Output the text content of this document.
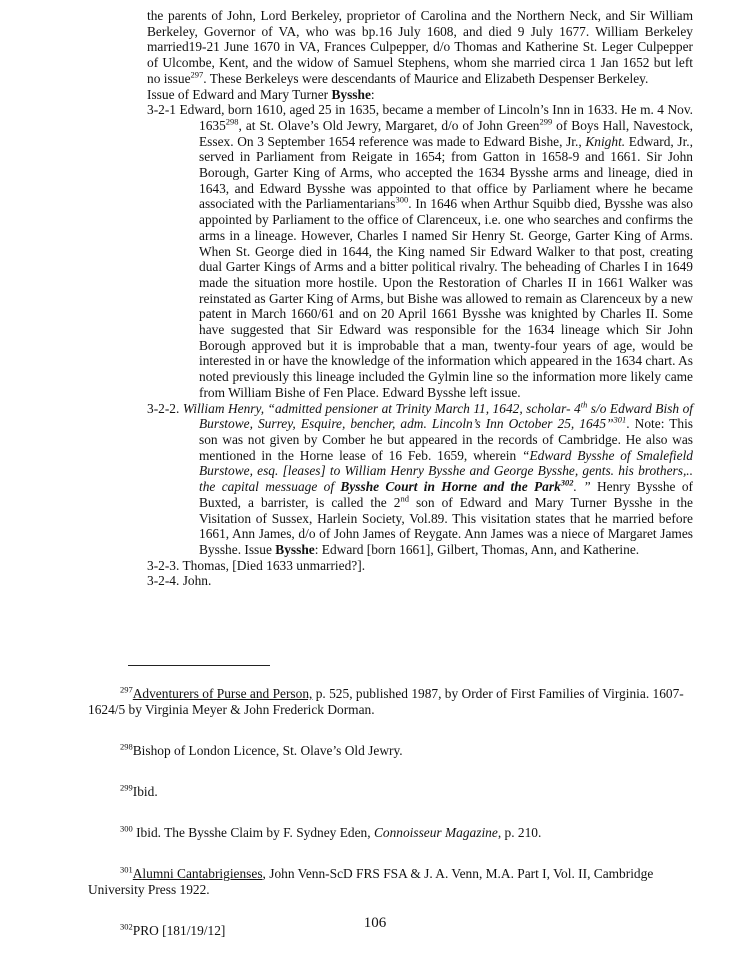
the parents of John, Lord Berkeley, proprietor of Carolina and the Northern Neck, and Sir William Berkeley, Governor of VA, who was bp.16 July 1608, and died 9 July 1677. William Berkeley married19-21 June 1670 in VA, Frances Culpepper, d/o Thomas and Katherine St. Leger Culpepper of Ulcombe, Kent, and the widow of Samuel Stephens, whom she married circa 1 Jan 1652 but left no issue$^{297}$. These Berkeleys were descendants of Maurice and Elizabeth Despenser Berkeley.

Issue of Edward and Mary Turner Bysshe:

3-2-1 Edward, born 1610, aged 25 in 1635, became a member of Lincoln’s Inn in 1633. He m. 4 Nov. 1635$^{298}$, at St. Olave’s Old Jewry, Margaret, d/o of John Green$^{299}$ of Boys Hall, Navestock, Essex. On 3 September 1654 reference was made to Edward Bishe, Jr., Knight. Edward, Jr., served in Parliament from Reigate in 1654; from Gatton in 1658-9 and 1661. Sir John Borough, Garter King of Arms, who accepted the 1634 Bysshe arms and lineage, died in 1643, and Edward Bysshe was appointed to that office by Parliament where he became associated with the Parliamentarians$^{300}$. In 1646 when Arthur Squibb died, Bysshe was also appointed by Parliament to the office of Clarenceux, i.e. one who searches and confirms the arms in a lineage. However, Charles I named Sir Henry St. George, Garter King of Arms. When St. George died in 1644, the King named Sir Edward Walker to that post, creating dual Garter Kings of Arms and a bitter political rivalry. The beheading of Charles I in 1649 made the situation more hostile. Upon the Restoration of Charles II in 1661 Walker was reinstated as Garter King of Arms, but Bishe was allowed to remain as Clarenceux by a new patent in March 1660/61 and on 20 April 1661 Bysshe was knighted by Charles II. Some have suggested that Sir Edward was responsible for the 1634 lineage which Sir John Borough approved but it is improbable that a man, twenty-four years of age, would be interested in or have the knowledge of the information which appeared in the 1634 chart. As noted previously this lineage included the Gylmin line so the information more likely came from William Bishe of Fen Place. Edward Bysshe left issue.

3-2-2. William Henry, “admitted pensioner at Trinity March 11, 1642, scholar- 4th s/o Edward Bish of Burstowe, Surrey, Esquire, bencher, adm. Lincoln’s Inn October 25, 1645”$^{301}$. Note: This son was not given by Comber he but appeared in the records of Cambridge. He also was mentioned in the Horne lease of 16 Feb. 1659, wherein “Edward Bysshe of Smalefield Burstowe, esq. [leases] to William Henry Bysshe and George Bysshe, gents. his brothers,.. the capital messuage of Bysshe Court in Horne and the Park$^{302}$. ” Henry Bysshe of Buxted, a barrister, is called the 2nd son of Edward and Mary Turner Bysshe in the Visitation of Sussex, Harlein Society, Vol.89. This visitation states that he married before 1661, Ann James, d/o of John James of Reygate. Ann James was a niece of Margaret James Bysshe. Issue Bysshe: Edward [born 1661], Gilbert, Thomas, Ann, and Katherine.

3-2-3. Thomas, [Died 1633 unmarried?].

3-2-4. John.

$^{297}$Adventurers of Purse and Person, p. 525, published 1987, by Order of First Families of Virginia. 1607-1624/5 by Virginia Meyer & John Frederick Dorman.

$^{298}$Bishop of London Licence, St. Olave’s Old Jewry.

$^{299}$Ibid.

$^{300}$ Ibid. The Bysshe Claim by F. Sydney Eden, Connoisseur Magazine, p. 210.

$^{301}$Alumni Cantabrigienses, John Venn-ScD FRS FSA & J. A. Venn, M.A. Part I, Vol. II, Cambridge University Press 1922.

$^{302}$PRO [181/19/12]	106
